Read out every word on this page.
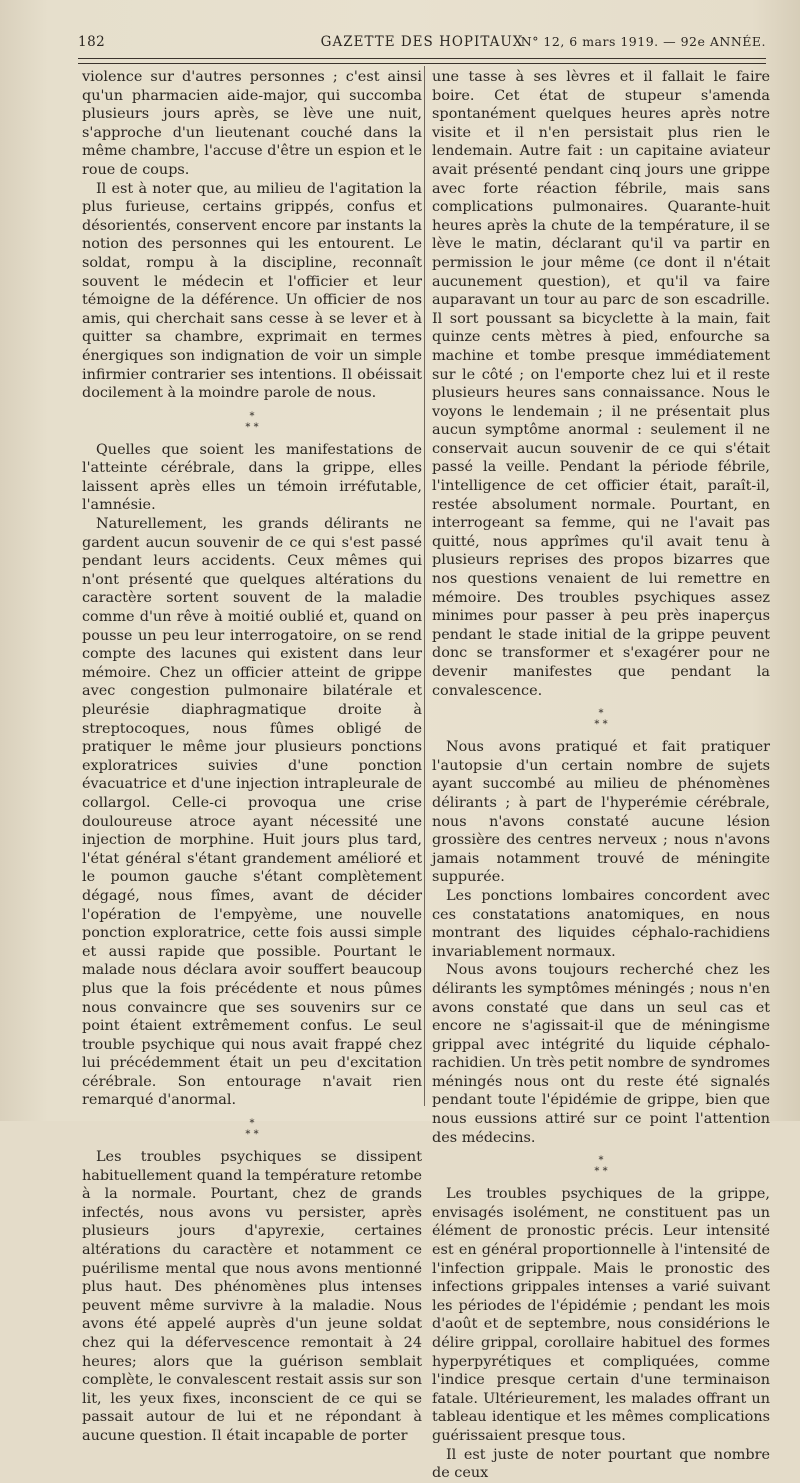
182	GAZETTE DES HOPITAUX
N° 12, 6 mars 1919. — 92e ANNÉE.

violence sur d'autres personnes ; c'est ainsi qu'un pharmacien aide-major, qui succomba plusieurs jours après, se lève une nuit, s'approche d'un lieutenant couché dans la même chambre, l'accuse d'être un espion et le roue de coups.

Il est à noter que, au milieu de l'agitation la plus furieuse, certains grippés, confus et désorientés, conservent encore par instants la notion des personnes qui les entourent. Le soldat, rompu à la discipline, reconnaît souvent le médecin et l'officier et leur témoigne de la déférence. Un officier de nos amis, qui cherchait sans cesse à se lever et à quitter sa chambre, exprimait en termes énergiques son indignation de voir un simple infirmier contrarier ses intentions. Il obéissait docilement à la moindre parole de nous.

*
* *

Quelles que soient les manifestations de l'atteinte cérébrale, dans la grippe, elles laissent après elles un témoin irréfutable, l'amnésie.

Naturellement, les grands délirants ne gardent aucun souvenir de ce qui s'est passé pendant leurs accidents. Ceux mêmes qui n'ont présenté que quelques altérations du caractère sortent souvent de la maladie comme d'un rêve à moitié oublié et, quand on pousse un peu leur interrogatoire, on se rend compte des lacunes qui existent dans leur mémoire. Chez un officier atteint de grippe avec congestion pulmonaire bilatérale et pleurésie diaphragmatique droite à streptocoques, nous fûmes obligé de pratiquer le même jour plusieurs ponctions exploratrices suivies d'une ponction évacuatrice et d'une injection intrapleurale de collargol. Celle-ci provoqua une crise douloureuse atroce ayant nécessité une injection de morphine. Huit jours plus tard, l'état général s'étant grandement amélioré et le poumon gauche s'étant complètement dégagé, nous fîmes, avant de décider l'opération de l'empyème, une nouvelle ponction exploratrice, cette fois aussi simple et aussi rapide que possible. Pourtant le malade nous déclara avoir souffert beaucoup plus que la fois précédente et nous pûmes nous convaincre que ses souvenirs sur ce point étaient extrêmement confus. Le seul trouble psychique qui nous avait frappé chez lui précédemment était un peu d'excitation cérébrale. Son entourage n'avait rien remarqué d'anormal.

*
* *

Les troubles psychiques se dissipent habituellement quand la température retombe à la normale. Pourtant, chez de grands infectés, nous avons vu persister, après plusieurs jours d'apyrexie, certaines altérations du caractère et notamment ce puérilisme mental que nous avons mentionné plus haut. Des phénomènes plus intenses peuvent même survivre à la maladie. Nous avons été appelé auprès d'un jeune soldat chez qui la défervescence remontait à 24 heures; alors que la guérison semblait complète, le convalescent restait assis sur son lit, les yeux fixes, inconscient de ce qui se passait autour de lui et ne répondant à aucune question. Il était incapable de porter

une tasse à ses lèvres et il fallait le faire boire. Cet état de stupeur s'amenda spontanément quelques heures après notre visite et il n'en persistait plus rien le lendemain. Autre fait : un capitaine aviateur avait présenté pendant cinq jours une grippe avec forte réaction fébrile, mais sans complications pulmonaires. Quarante-huit heures après la chute de la température, il se lève le matin, déclarant qu'il va partir en permission le jour même (ce dont il n'était aucunement question), et qu'il va faire auparavant un tour au parc de son escadrille. Il sort poussant sa bicyclette à la main, fait quinze cents mètres à pied, enfourche sa machine et tombe presque immédiatement sur le côté ; on l'emporte chez lui et il reste plusieurs heures sans connaissance. Nous le voyons le lendemain ; il ne présentait plus aucun symptôme anormal : seulement il ne conservait aucun souvenir de ce qui s'était passé la veille. Pendant la période fébrile, l'intelligence de cet officier était, paraît-il, restée absolument normale. Pourtant, en interrogeant sa femme, qui ne l'avait pas quitté, nous apprîmes qu'il avait tenu à plusieurs reprises des propos bizarres que nos questions venaient de lui remettre en mémoire. Des troubles psychiques assez minimes pour passer à peu près inaperçus pendant le stade initial de la grippe peuvent donc se transformer et s'exagérer pour ne devenir manifestes que pendant la convalescence.

*
* *

Nous avons pratiqué et fait pratiquer l'autopsie d'un certain nombre de sujets ayant succombé au milieu de phénomènes délirants ; à part de l'hyperémie cérébrale, nous n'avons constaté aucune lésion grossière des centres nerveux ; nous n'avons jamais notamment trouvé de méningite suppurée.

Les ponctions lombaires concordent avec ces constatations anatomiques, en nous montrant des liquides céphalo-rachidiens invariablement normaux.

Nous avons toujours recherché chez les délirants les symptômes méningés ; nous n'en avons constaté que dans un seul cas et encore ne s'agissait-il que de méningisme grippal avec intégrité du liquide céphalo-rachidien. Un très petit nombre de syndromes méningés nous ont du reste été signalés pendant toute l'épidémie de grippe, bien que nous eussions attiré sur ce point l'attention des médecins.

*
* *

Les troubles psychiques de la grippe, envisagés isolément, ne constituent pas un élément de pronostic précis. Leur intensité est en général proportionnelle à l'intensité de l'infection grippale. Mais le pronostic des infections grippales intenses a varié suivant les périodes de l'épidémie ; pendant les mois d'août et de septembre, nous considérions le délire grippal, corollaire habituel des formes hyperpyrétiques et compliquées, comme l'indice presque certain d'une terminaison fatale. Ultérieurement, les malades offrant un tableau identique et les mêmes complications guérissaient presque tous.

Il est juste de noter pourtant que nombre de ceux
